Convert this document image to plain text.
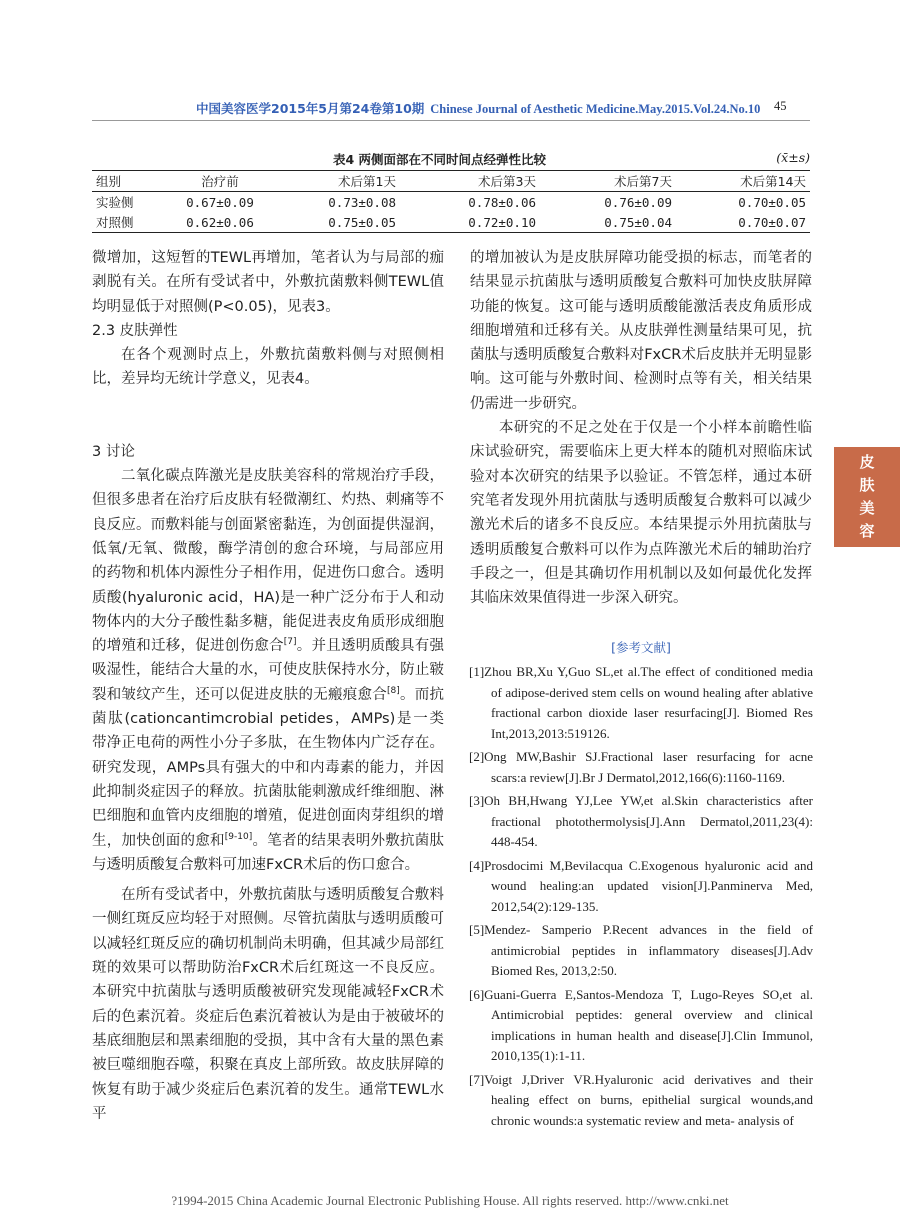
中国美容医学2015年5月第24卷第10期 Chinese Journal of Aesthetic Medicine.May.2015.Vol.24.No.10 45
表4 两侧面部在不同时间点经弹性比较	(x̄±s)
组别	治疗前	术后第1天	术后第3天	术后第7天	术后第14天
实验侧	0.67±0.09	0.73±0.08	0.78±0.06	0.76±0.09	0.70±0.05
对照侧	0.62±0.06	0.75±0.05	0.72±0.10	0.75±0.04	0.70±0.07

微增加，这短暂的TEWL再增加，笔者认为与局部的痂剥脱有关。在所有受试者中，外敷抗菌敷料侧TEWL值均明显低于对照侧(P<0.05)，见表3。

2.3 皮肤弹性

在各个观测时点上，外敷抗菌敷料侧与对照侧相比，差异均无统计学意义，见表4。

3 讨论

二氧化碳点阵激光是皮肤美容科的常规治疗手段，但很多患者在治疗后皮肤有轻微潮红、灼热、刺痛等不良反应。而敷料能与创面紧密黏连，为创面提供湿润，低氧/无氧、微酸，酶学清创的愈合环境，与局部应用的药物和机体内源性分子相作用，促进伤口愈合。透明质酸(hyaluronic acid，HA)是一种广泛分布于人和动物体内的大分子酸性黏多糖，能促进表皮角质形成细胞的增殖和迁移，促进创伤愈合[7]。并且透明质酸具有强吸湿性，能结合大量的水，可使皮肤保持水分，防止皲裂和皱纹产生，还可以促进皮肤的无瘢痕愈合[8]。而抗菌肽(cationcantimcrobial petides，AMPs)是一类带净正电荷的两性小分子多肽，在生物体内广泛存在。研究发现，AMPs具有强大的中和内毒素的能力，并因此抑制炎症因子的释放。抗菌肽能刺激成纤维细胞、淋巴细胞和血管内皮细胞的增殖，促进创面肉芽组织的增生，加快创面的愈和[9-10]。笔者的结果表明外敷抗菌肽与透明质酸复合敷料可加速FxCR术后的伤口愈合。

在所有受试者中，外敷抗菌肽与透明质酸复合敷料一侧红斑反应均轻于对照侧。尽管抗菌肽与透明质酸可以减轻红斑反应的确切机制尚未明确，但其减少局部红斑的效果可以帮助防治FxCR术后红斑这一不良反应。本研究中抗菌肽与透明质酸被研究发现能减轻FxCR术后的色素沉着。炎症后色素沉着被认为是由于被破坏的基底细胞层和黑素细胞的受损，其中含有大量的黑色素被巨噬细胞吞噬，积聚在真皮上部所致。故皮肤屏障的恢复有助于减少炎症后色素沉着的发生。通常TEWL水平

的增加被认为是皮肤屏障功能受损的标志，而笔者的结果显示抗菌肽与透明质酸复合敷料可加快皮肤屏障功能的恢复。这可能与透明质酸能激活表皮角质形成细胞增殖和迁移有关。从皮肤弹性测量结果可见，抗菌肽与透明质酸复合敷料对FxCR术后皮肤并无明显影响。这可能与外敷时间、检测时点等有关，相关结果仍需进一步研究。

本研究的不足之处在于仅是一个小样本前瞻性临床试验研究，需要临床上更大样本的随机对照临床试验对本次研究的结果予以验证。不管怎样，通过本研究笔者发现外用抗菌肽与透明质酸复合敷料可以减少激光术后的诸多不良反应。本结果提示外用抗菌肽与透明质酸复合敷料可以作为点阵激光术后的辅助治疗手段之一，但是其确切作用机制以及如何最优化发挥其临床效果值得进一步深入研究。

[参考文献]
[1]Zhou BR,Xu Y,Guo SL,et al.The effect of conditioned media of adipose-derived stem cells on wound healing after ablative fractional carbon dioxide laser resurfacing[J]. Biomed Res Int,2013,2013:519126.
[2]Ong MW,Bashir SJ.Fractional laser resurfacing for acne scars:a review[J].Br J Dermatol,2012,166(6):1160-1169.
[3]Oh BH,Hwang YJ,Lee YW,et al.Skin characteristics after fractional photothermolysis[J].Ann Dermatol,2011,23(4): 448-454.
[4]Prosdocimi M,Bevilacqua C.Exogenous hyaluronic acid and wound healing:an updated vision[J].Panminerva Med, 2012,54(2):129-135.
[5]Mendez- Samperio P.Recent advances in the field of antimicrobial peptides in inflammatory diseases[J].Adv Biomed Res, 2013,2:50.
[6]Guani-Guerra E,Santos-Mendoza T, Lugo-Reyes SO,et al. Antimicrobial peptides: general overview and clinical implications in human health and disease[J].Clin Immunol, 2010,135(1):1-11.
[7]Voigt J,Driver VR.Hyaluronic acid derivatives and their healing effect on burns, epithelial surgical wounds,and chronic wounds:a systematic review and meta- analysis of
皮
肤
美
容
?1994-2015 China Academic Journal Electronic Publishing House. All rights reserved. http://www.cnki.net
